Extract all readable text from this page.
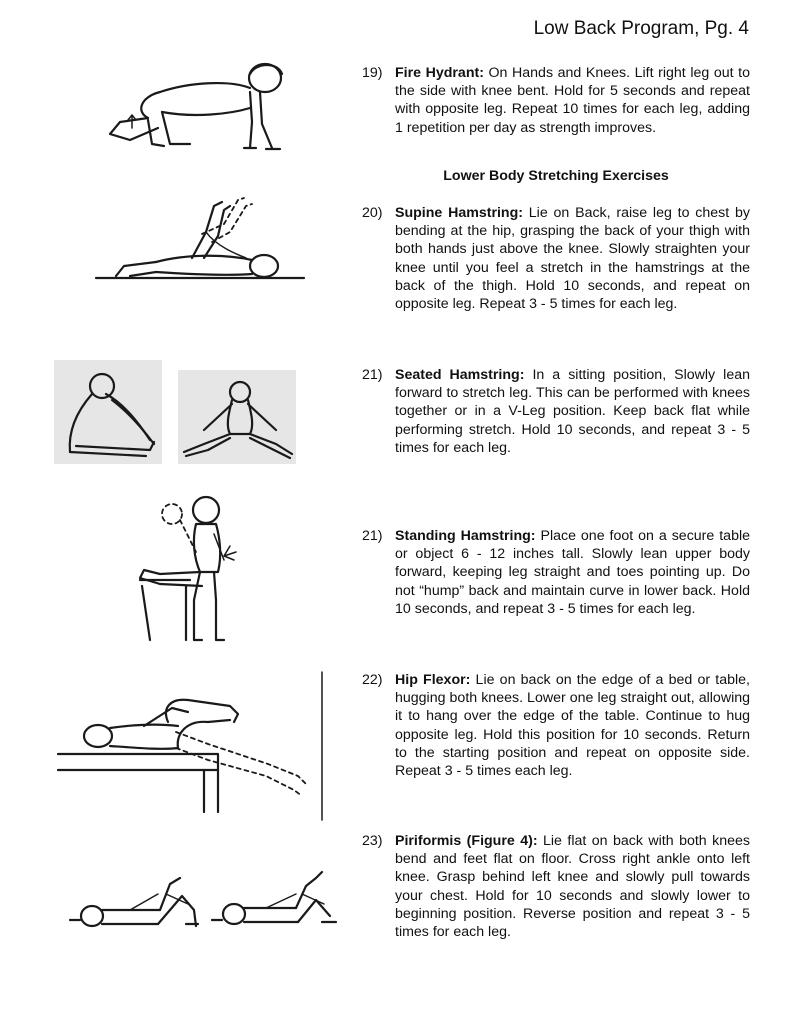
Low Back Program, Pg. 4
19) Fire Hydrant: On Hands and Knees. Lift right leg out to the side with knee bent. Hold for 5 seconds and repeat with opposite leg. Repeat 10 times for each leg, adding 1 repetition per day as strength improves.
Lower Body Stretching Exercises
20) Supine Hamstring: Lie on Back, raise leg to chest by bending at the hip, grasping the back of your thigh with both hands just above the knee. Slowly straighten your knee until you feel a stretch in the hamstrings at the back of the thigh. Hold 10 seconds, and repeat on opposite leg. Repeat 3 - 5 times for each leg.
21) Seated Hamstring: In a sitting position, Slowly lean forward to stretch leg. This can be performed with knees together or in a V-Leg position. Keep back flat while performing stretch. Hold 10 seconds, and repeat 3 - 5 times for each leg.
21) Standing Hamstring: Place one foot on a secure table or object 6 - 12 inches tall. Slowly lean upper body forward, keeping leg straight and toes pointing up. Do not “hump” back and maintain curve in lower back. Hold 10 seconds, and repeat 3 - 5 times for each leg.
22) Hip Flexor: Lie on back on the edge of a bed or table, hugging both knees. Lower one leg straight out, allowing it to hang over the edge of the table. Continue to hug opposite leg. Hold this position for 10 seconds. Return to the starting position and repeat on opposite side. Repeat 3 - 5 times each leg.
23) Piriformis (Figure 4): Lie flat on back with both knees bend and feet flat on floor. Cross right ankle onto left knee. Grasp behind left knee and slowly pull towards your chest. Hold for 10 seconds and slowly lower to beginning position. Reverse position and repeat 3 - 5 times for each leg.
